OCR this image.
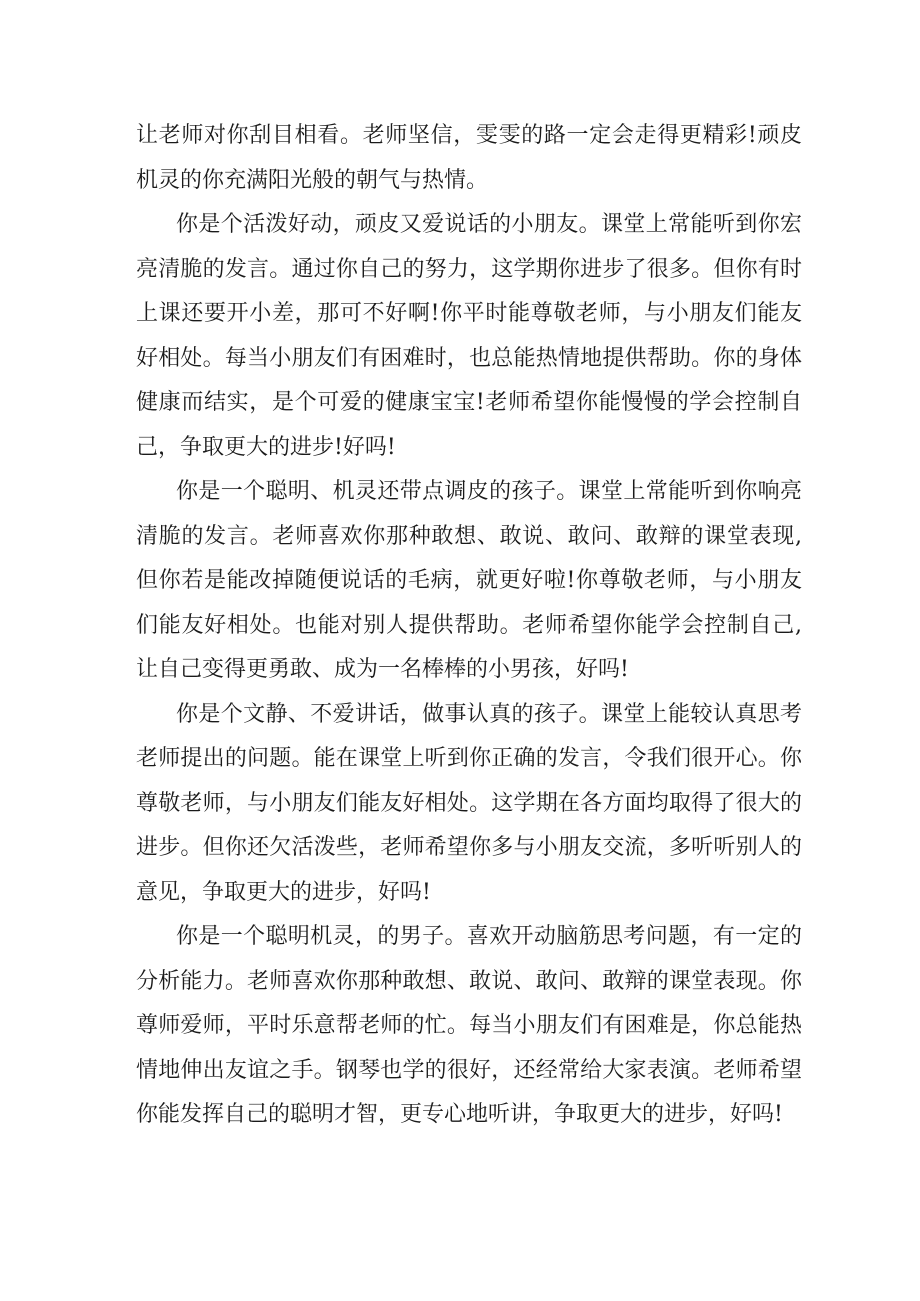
让老师对你刮目相看。老师坚信，雯雯的路一定会走得更精彩!顽皮机灵的你充满阳光般的朝气与热情。

你是个活泼好动，顽皮又爱说话的小朋友。课堂上常能听到你宏亮清脆的发言。通过你自己的努力，这学期你进步了很多。但你有时上课还要开小差，那可不好啊!你平时能尊敬老师，与小朋友们能友好相处。每当小朋友们有困难时，也总能热情地提供帮助。你的身体健康而结实，是个可爱的健康宝宝!老师希望你能慢慢的学会控制自己，争取更大的进步!好吗!

你是一个聪明、机灵还带点调皮的孩子。课堂上常能听到你响亮清脆的发言。老师喜欢你那种敢想、敢说、敢问、敢辩的课堂表现,但你若是能改掉随便说话的毛病，就更好啦!你尊敬老师，与小朋友们能友好相处。也能对别人提供帮助。老师希望你能学会控制自己,让自己变得更勇敢、成为一名棒棒的小男孩，好吗!

你是个文静、不爱讲话，做事认真的孩子。课堂上能较认真思考老师提出的问题。能在课堂上听到你正确的发言，令我们很开心。你尊敬老师，与小朋友们能友好相处。这学期在各方面均取得了很大的进步。但你还欠活泼些，老师希望你多与小朋友交流，多听听别人的意见，争取更大的进步，好吗!

你是一个聪明机灵，的男子。喜欢开动脑筋思考问题，有一定的分析能力。老师喜欢你那种敢想、敢说、敢问、敢辩的课堂表现。你尊师爱师，平时乐意帮老师的忙。每当小朋友们有困难是，你总能热情地伸出友谊之手。钢琴也学的很好，还经常给大家表演。老师希望你能发挥自己的聪明才智，更专心地听讲，争取更大的进步，好吗!
